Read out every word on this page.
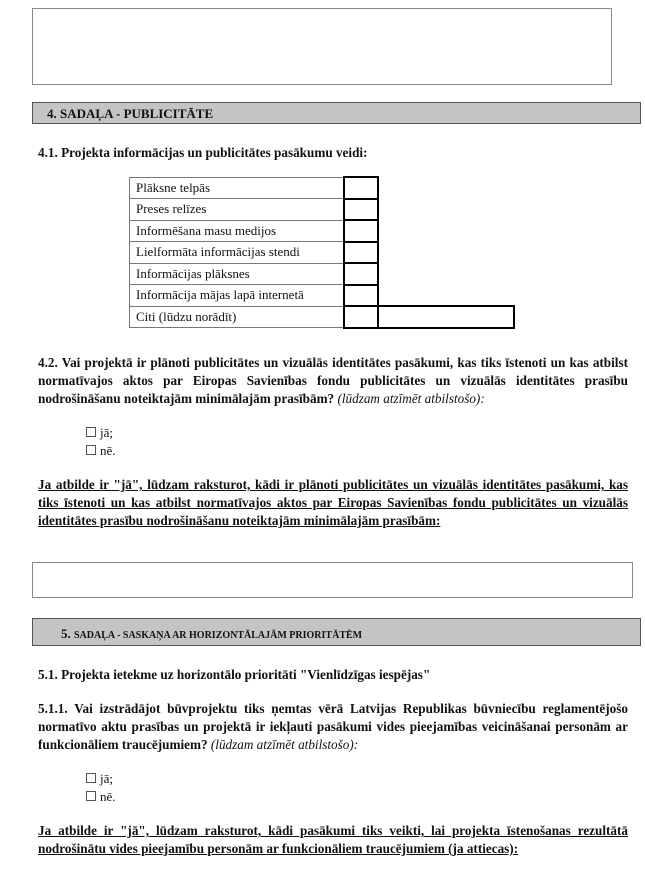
4. SADAĻA - PUBLICITĀTE
4.1. Projekta informācijas un publicitātes pasākumu veidi:
Plāksne telpās		
Preses relīzes		
Informēšana masu medijos		
Lielformāta informācijas stendi		
Informācijas plāksnes		
Informācija mājas lapā internetā		
Citi (lūdzu norādīt)		
4.2. Vai projektā ir plānoti publicitātes un vizuālās identitātes pasākumi, kas tiks īstenoti un kas atbilst normatīvajos aktos par Eiropas Savienības fondu publicitātes un vizuālās identitātes prasību nodrošināšanu noteiktajām minimālajām prasībām? (lūdzam atzīmēt atbilstošo):
jā;
nē.
Ja atbilde ir "jā", lūdzam raksturot, kādi ir plānoti publicitātes un vizuālās identitātes pasākumi, kas tiks īstenoti un kas atbilst normatīvajos aktos par Eiropas Savienības fondu publicitātes un vizuālās identitātes prasību nodrošināšanu noteiktajām minimālajām prasībām:
5. SADAĻA - SASKAŅA AR HORIZONTĀLAJĀM PRIORITĀTĒM
5.1. Projekta ietekme uz horizontālo prioritāti "Vienlīdzīgas iespējas"
5.1.1. Vai izstrādājot būvprojektu tiks ņemtas vērā Latvijas Republikas būvniecību reglamentējošo normatīvo aktu prasības un projektā ir iekļauti pasākumi vides pieejamības veicināšanai personām ar funkcionāliem traucējumiem? (lūdzam atzīmēt atbilstošo):
jā;
nē.
Ja atbilde ir "jā", lūdzam raksturot, kādi pasākumi tiks veikti, lai projekta īstenošanas rezultātā nodrošinātu vides pieejamību personām ar funkcionāliem traucējumiem (ja attiecas):
